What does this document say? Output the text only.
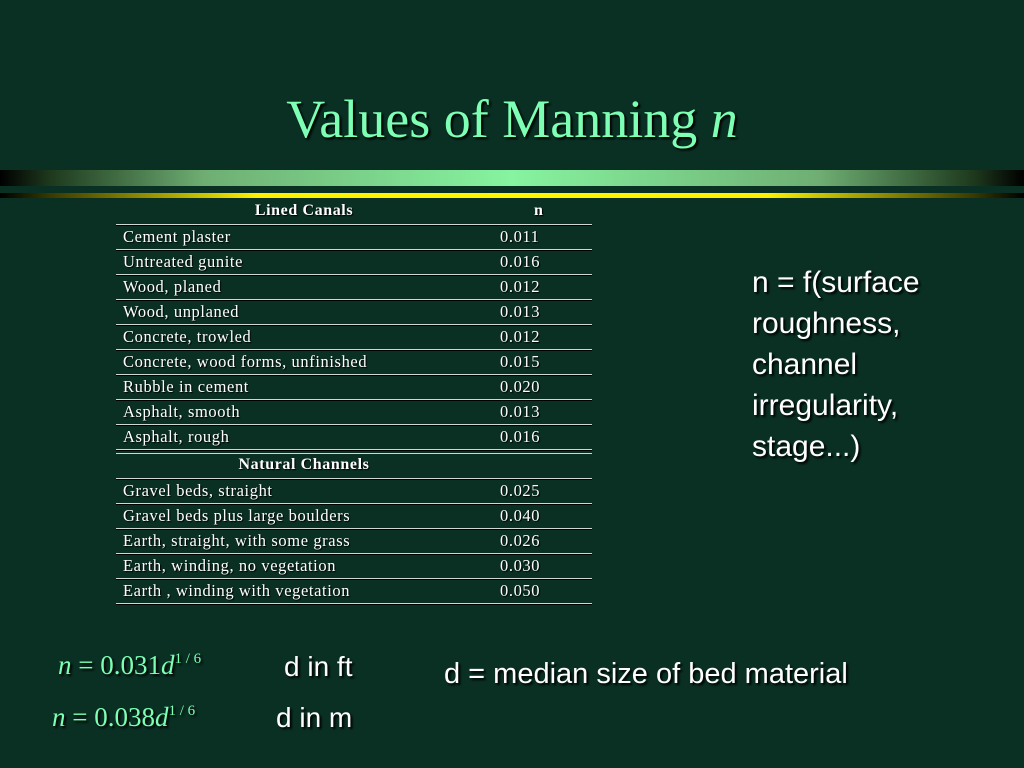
Values of Manning n
Lined Canals	n
Cement plaster	0.011
Untreated gunite	0.016
Wood, planed	0.012
Wood, unplaned	0.013
Concrete, trowled	0.012
Concrete, wood forms, unfinished	0.015
Rubble in cement	0.020
Asphalt, smooth	0.013
Asphalt, rough	0.016
Natural Channels
Gravel beds, straight	0.025
Gravel beds plus large boulders	0.040
Earth, straight, with some grass	0.026
Earth, winding, no vegetation	0.030
Earth , winding with vegetation	0.050
n = f(surface roughness, channel irregularity, stage...)
$n = 0.031d^{1 / 6}$	d in ft
$n = 0.038d^{1 / 6}$	d in m
d = median size of bed material
